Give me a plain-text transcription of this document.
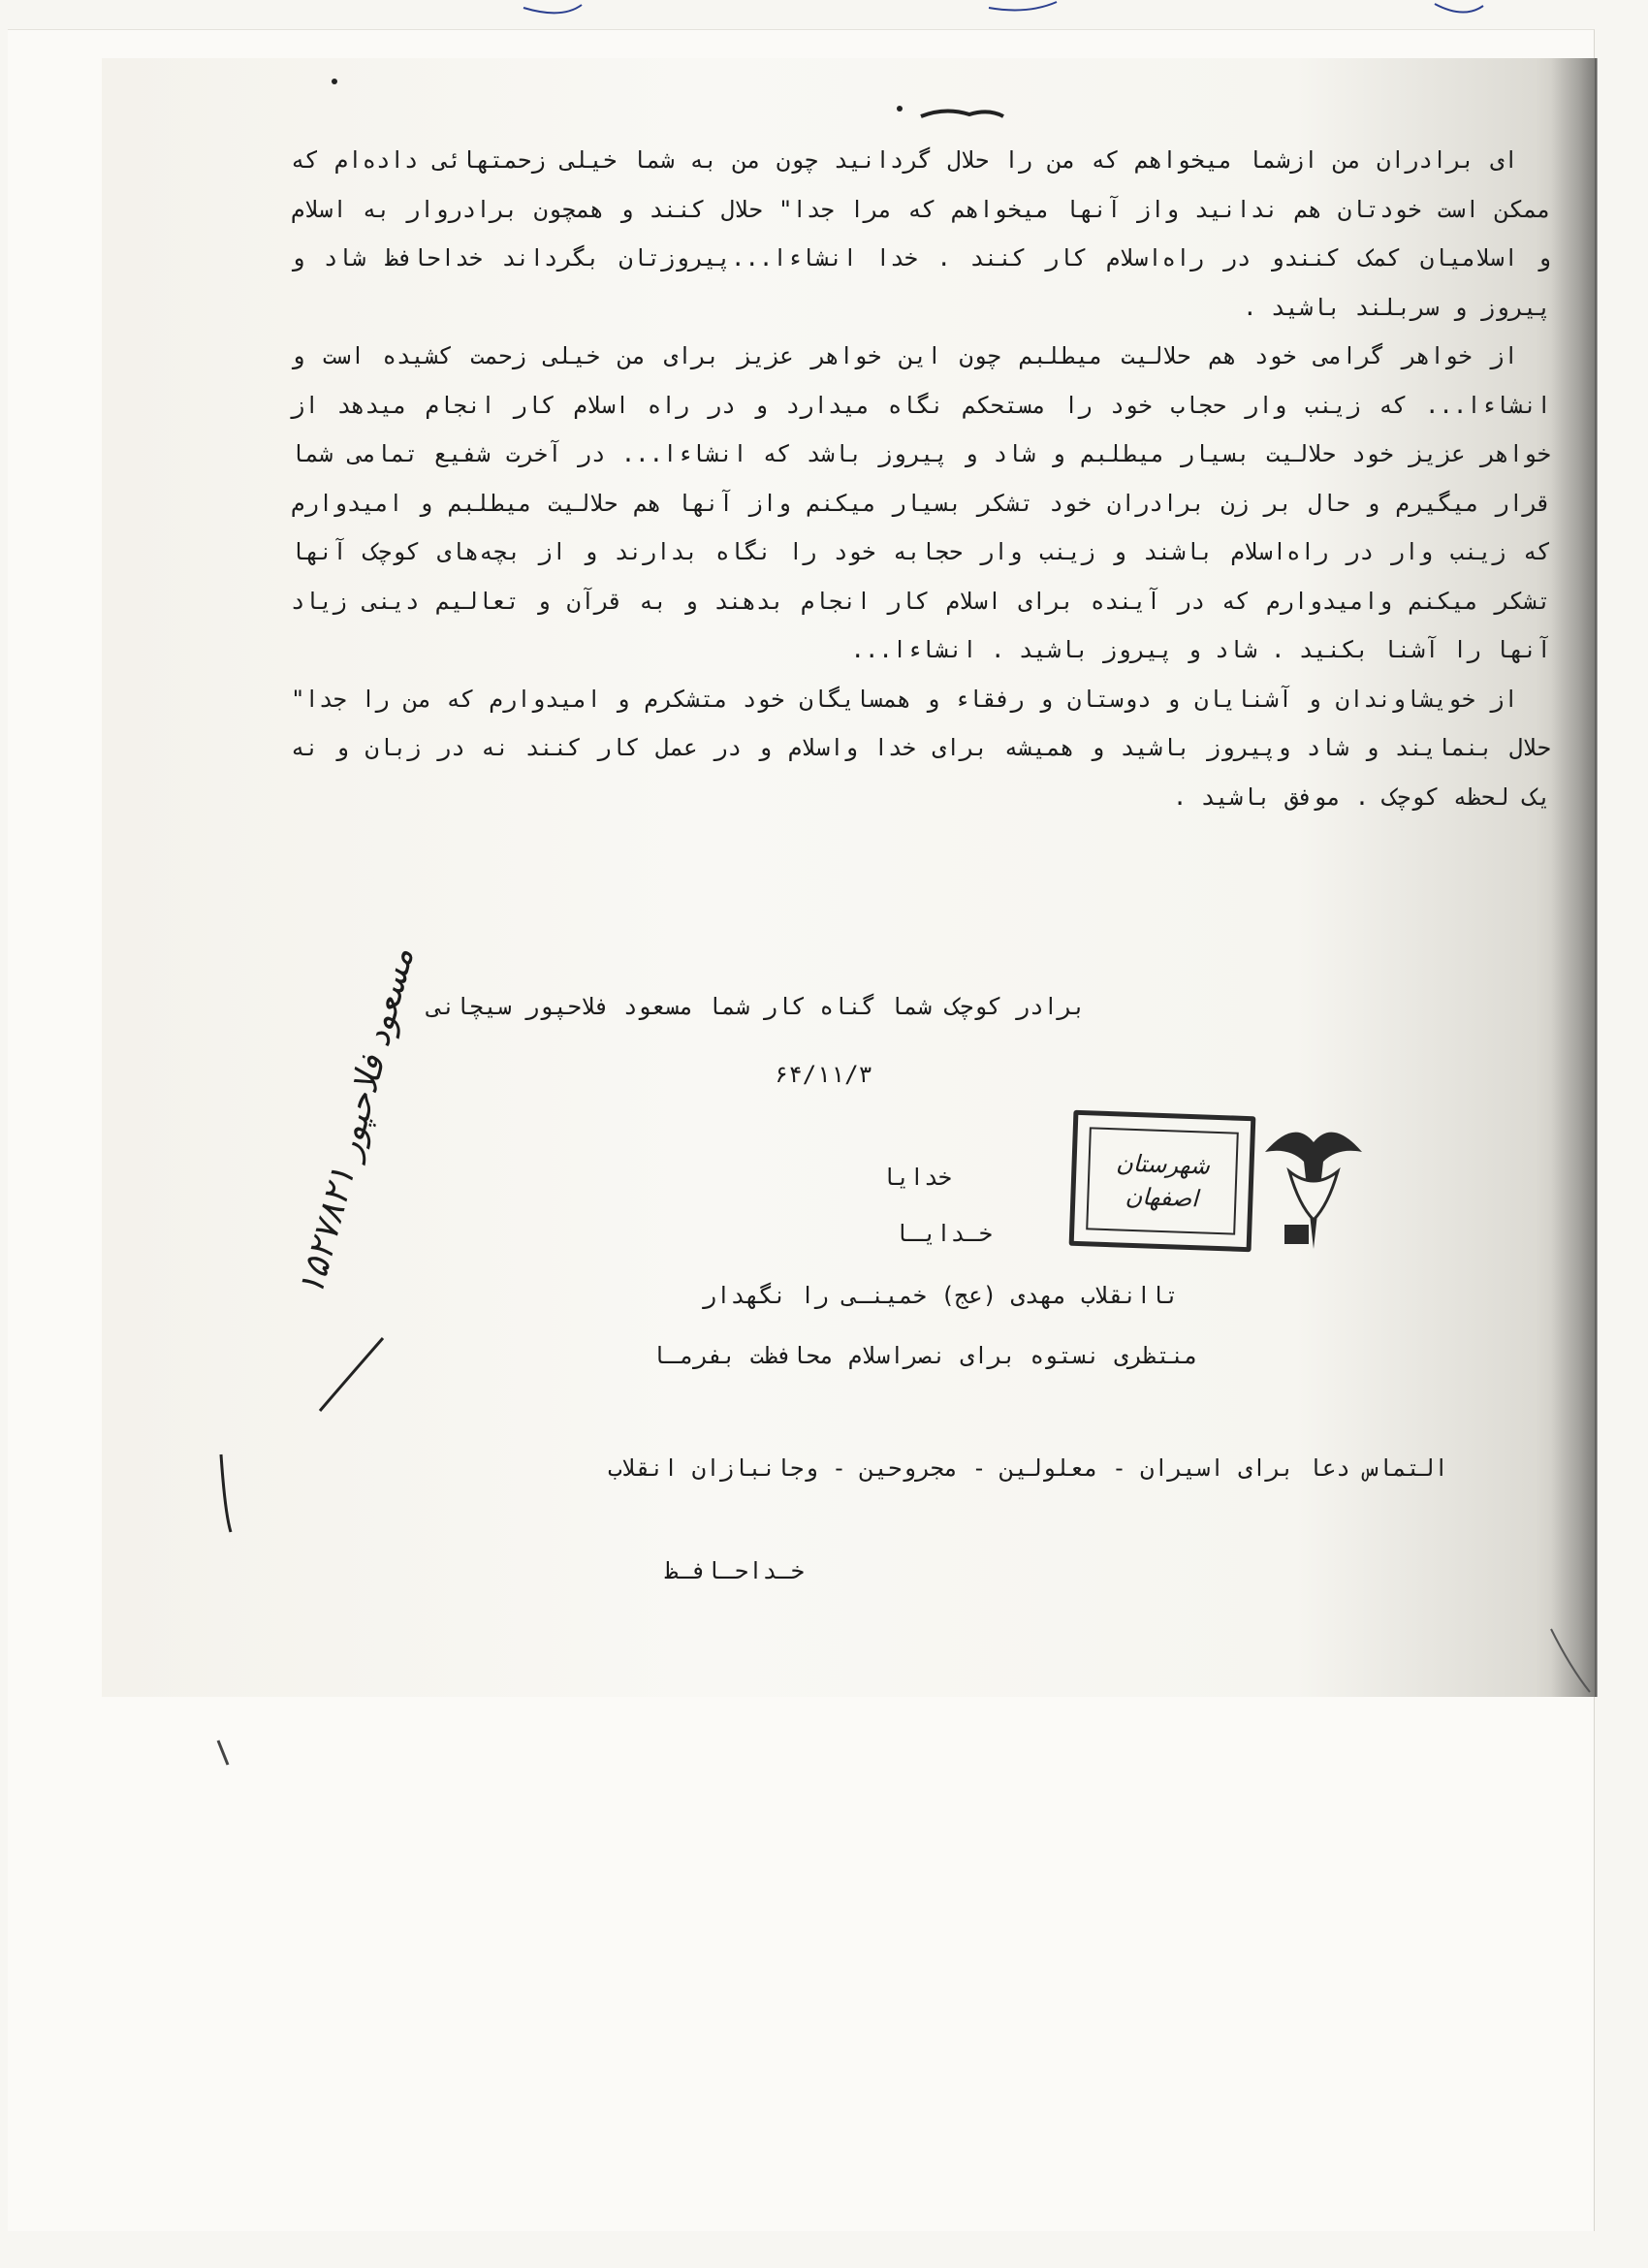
ای برادران من ازشما میخواهم که من را حلال گردانید چون من به شما خیلی زحمتهائی داده‌ام که ممکن است خودتان هم ندانید واز آنها میخواهم که مرا جدا" حلال کنند و همچون برادروار به اسلام و اسلامیان کمک کنندو در راه‌اسلام کار کنند . خدا انشاءا...پیروزتان بگرداند خداحافظ شاد و پیروز و سربلند باشید .

از خواهر گرامی خود هم حلالیت میطلبم چون این خواهر عزیز برای من خیلی زحمت کشیده است و انشاءا... که زینب وار حجاب خود را مستحکم نگاه میدارد و در راه اسلام کار انجام میدهد از خواهر عزیز خود حلالیت بسیار میطلبم و شاد و پیروز باشد که انشاءا... در آخرت شفیع تمامی شما قرار میگیرم و حال بر زن برادران خود تشکر بسیار میکنم واز آنها هم حلالیت میطلبم و امیدوارم که زینب وار در راه‌اسلام باشند و زینب وار حجابه خود را نگاه بدارند و از بچه‌های کوچک آنها تشکر میکنم وامیدوارم که در آینده برای اسلام کار انجام بدهند و به قرآن و تعالیم دینی زیاد آنها را آشنا بکنید . شاد و پیروز باشید . انشاءا...

از خویشاوندان و آشنایان و دوستان و رفقاء و همسایگان خود متشکرم و امیدوارم که من را جدا" حلال بنمایند و شاد وپیروز باشید و همیشه برای خدا واسلام و در عمل کار کنند نه در زبان و نه یک لحظه کوچک . موفق باشید .

برادر کوچک شما گناه کار شما مسعود فلاحپور سیچانی
۶۴/۱۱/۳
خدایا
خـدایـا
تاانقلاب مهدی (عج) خمینـی را نگهدار
منتظری نستوه برای نصراسلام محافظت بفرمـا
التماس دعا برای اسیران - معلولین - مجروحین - وجانبازان انقلاب
خـداحـافـظ
شهرستان
اصفهان
مسعود فلاحپور ۱۵۲۷۸۲۱
